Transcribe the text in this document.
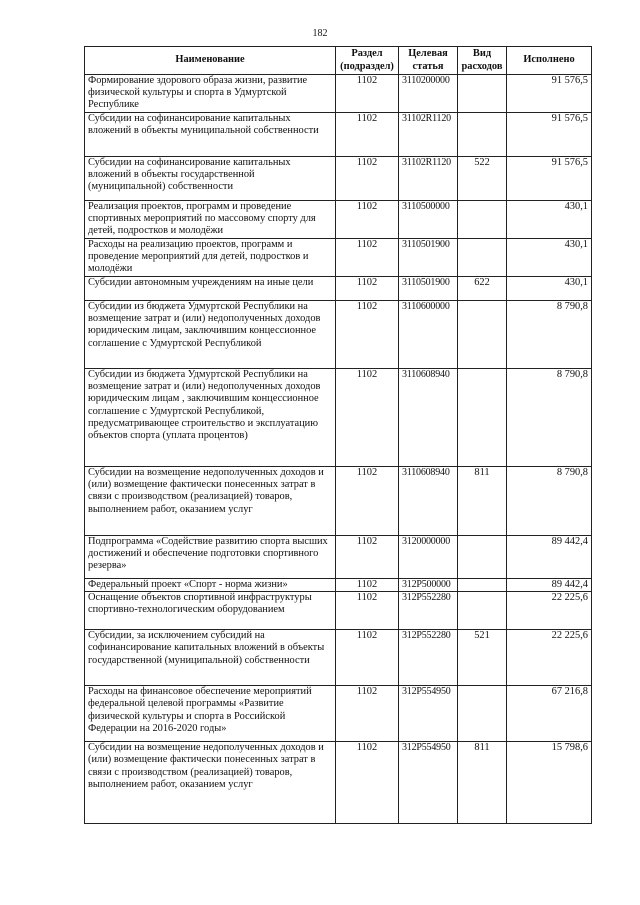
182
Наименование	Раздел (подраздел)	Целевая статья	Вид расходов	Исполнено
Формирование здорового образа жизни, развитие физической культуры и спорта в Удмуртской Республике	1102	3110200000		91 576,5
Субсидии на софинансирование капитальных вложений в объекты муниципальной собственности	1102	31102R1120		91 576,5
Субсидии на софинансирование капитальных вложений в объекты государственной (муниципальной) собственности	1102	31102R1120	522	91 576,5
Реализация проектов, программ и проведение спортивных мероприятий по массовому спорту для детей, подростков и молодёжи	1102	3110500000		430,1
Расходы на реализацию проектов, программ и проведение мероприятий для детей, подростков и молодёжи	1102	3110501900		430,1
Субсидии автономным учреждениям на иные цели	1102	3110501900	622	430,1
Субсидии из бюджета Удмуртской Республики на возмещение затрат и (или) недополученных доходов юридическим лицам, заключившим концессионное соглашение с Удмуртской Республикой	1102	3110600000		8 790,8
Субсидии из бюджета Удмуртской Республики на возмещение затрат и (или) недополученных доходов юридическим лицам , заключившим концессионное соглашение с Удмуртской Республикой, предусматривающее строительство и эксплуатацию объектов спорта (уплата процентов)	1102	3110608940		8 790,8
Субсидии на возмещение недополученных доходов и (или) возмещение фактически понесенных затрат в связи с производством (реализацией) товаров, выполнением работ, оказанием услуг	1102	3110608940	811	8 790,8
Подпрограмма «Содействие развитию спорта высших достижений и обеспечение подготовки спортивного резерва»	1102	3120000000		89 442,4
Федеральный проект «Спорт - норма жизни»	1102	312P500000		89 442,4
Оснащение объектов спортивной инфраструктуры спортивно-технологическим оборудованием	1102	312P552280		22 225,6
Субсидии, за исключением субсидий на софинансирование капитальных вложений в объекты государственной (муниципальной) собственности	1102	312P552280	521	22 225,6
Расходы на финансовое обеспечение мероприятий федеральной целевой программы «Развитие физической культуры и спорта в Российской Федерации на 2016-2020 годы»	1102	312P554950		67 216,8
Субсидии на возмещение недополученных доходов и (или) возмещение фактически понесенных затрат в связи с производством (реализацией) товаров, выполнением работ, оказанием услуг	1102	312P554950	811	15 798,6
